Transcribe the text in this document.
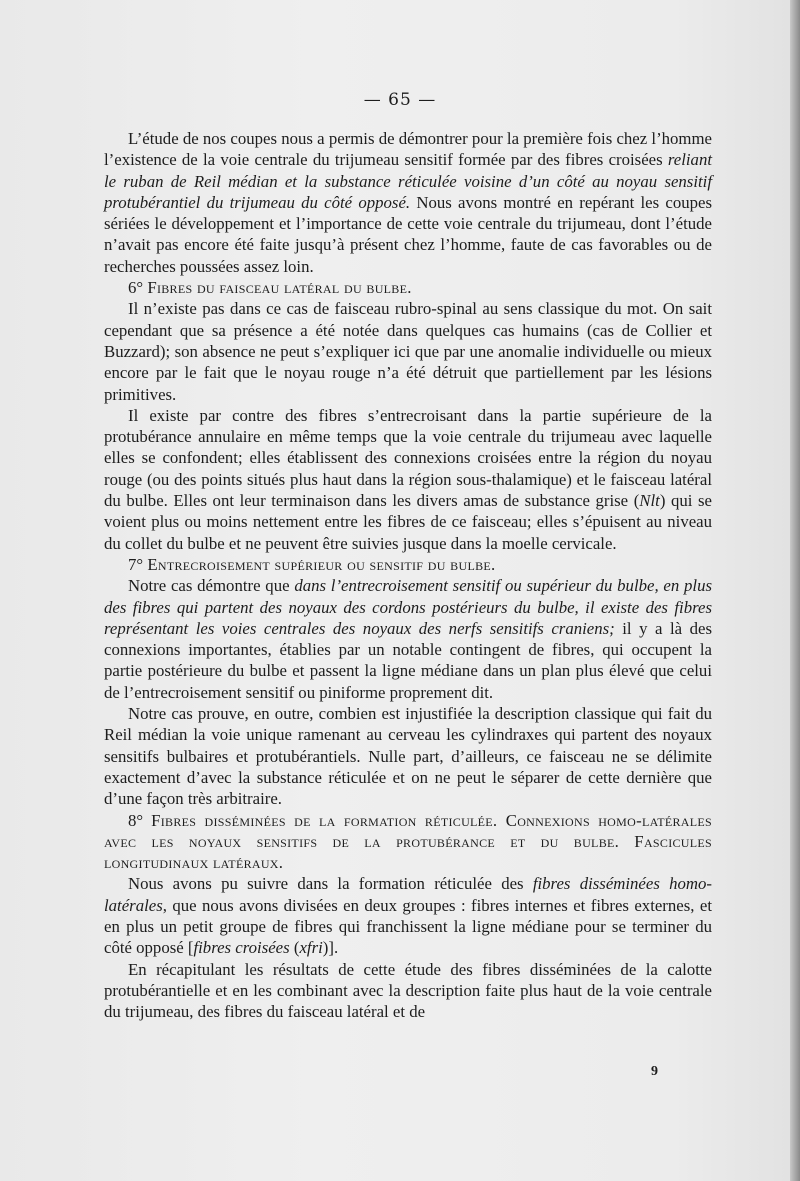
— 65 —

L’étude de nos coupes nous a permis de démontrer pour la première fois chez l’homme l’existence de la voie centrale du trijumeau sensitif formée par des fibres croisées reliant le ruban de Reil médian et la substance réticulée voisine d’un côté au noyau sensitif protubérantiel du trijumeau du côté opposé. Nous avons montré en repérant les coupes sériées le développement et l’importance de cette voie centrale du trijumeau, dont l’étude n’avait pas encore été faite jusqu’à présent chez l’homme, faute de cas favorables ou de recherches poussées assez loin.

6° Fibres du faisceau latéral du bulbe.

Il n’existe pas dans ce cas de faisceau rubro-spinal au sens classique du mot. On sait cependant que sa présence a été notée dans quelques cas humains (cas de Collier et Buzzard); son absence ne peut s’expliquer ici que par une anomalie individuelle ou mieux encore par le fait que le noyau rouge n’a été détruit que partiellement par les lésions primitives.

Il existe par contre des fibres s’entrecroisant dans la partie supérieure de la protubérance annulaire en même temps que la voie centrale du trijumeau avec laquelle elles se confondent; elles établissent des connexions croisées entre la région du noyau rouge (ou des points situés plus haut dans la région sous-thalamique) et le faisceau latéral du bulbe. Elles ont leur terminaison dans les divers amas de substance grise (Nlt) qui se voient plus ou moins nettement entre les fibres de ce faisceau; elles s’épuisent au niveau du collet du bulbe et ne peuvent être suivies jusque dans la moelle cervicale.

7° Entrecroisement supérieur ou sensitif du bulbe.

Notre cas démontre que dans l’entrecroisement sensitif ou supérieur du bulbe, en plus des fibres qui partent des noyaux des cordons postérieurs du bulbe, il existe des fibres représentant les voies centrales des noyaux des nerfs sensitifs craniens; il y a là des connexions importantes, établies par un notable contingent de fibres, qui occupent la partie postérieure du bulbe et passent la ligne médiane dans un plan plus élevé que celui de l’entrecroisement sensitif ou piniforme proprement dit.

Notre cas prouve, en outre, combien est injustifiée la description classique qui fait du Reil médian la voie unique ramenant au cerveau les cylindraxes qui partent des noyaux sensitifs bulbaires et protubérantiels. Nulle part, d’ailleurs, ce faisceau ne se délimite exactement d’avec la substance réticulée et on ne peut le séparer de cette dernière que d’une façon très arbitraire.

8° Fibres disséminées de la formation réticulée. Connexions homo-latérales avec les noyaux sensitifs de la protubérance et du bulbe. Fascicules longitudinaux latéraux.

Nous avons pu suivre dans la formation réticulée des fibres disséminées homo-latérales, que nous avons divisées en deux groupes : fibres internes et fibres externes, et en plus un petit groupe de fibres qui franchissent la ligne médiane pour se terminer du côté opposé [fibres croisées (xfri)].

En récapitulant les résultats de cette étude des fibres disséminées de la calotte protubérantielle et en les combinant avec la description faite plus haut de la voie centrale du trijumeau, des fibres du faisceau latéral et de

9
